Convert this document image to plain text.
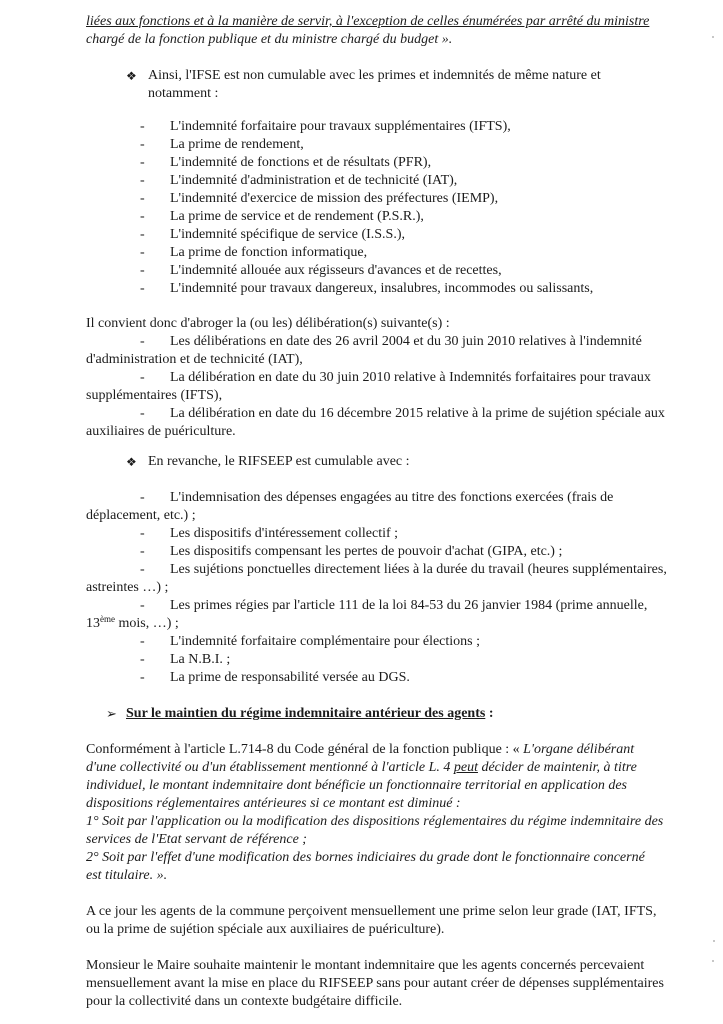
liées aux fonctions et à la manière de servir, à l'exception de celles énumérées par arrêté du ministre
chargé de la fonction publique et du ministre chargé du budget ».
❖ Ainsi, l'IFSE est non cumulable avec les primes et indemnités de même nature et
notamment :
- L'indemnité forfaitaire pour travaux supplémentaires (IFTS),
- La prime de rendement,
- L'indemnité de fonctions et de résultats (PFR),
- L'indemnité d'administration et de technicité (IAT),
- L'indemnité d'exercice de mission des préfectures (IEMP),
- La prime de service et de rendement (P.S.R.),
- L'indemnité spécifique de service (I.S.S.),
- La prime de fonction informatique,
- L'indemnité allouée aux régisseurs d'avances et de recettes,
- L'indemnité pour travaux dangereux, insalubres, incommodes ou salissants,
Il convient donc d'abroger la (ou les) délibération(s) suivante(s) :
- Les délibérations en date des 26 avril 2004 et du 30 juin 2010 relatives à l'indemnité
d'administration et de technicité (IAT),
- La délibération en date du 30 juin 2010 relative à Indemnités forfaitaires pour travaux
supplémentaires (IFTS),
- La délibération en date du 16 décembre 2015 relative à la prime de sujétion spéciale aux
auxiliaires de puériculture.
❖ En revanche, le RIFSEEP est cumulable avec :
- L'indemnisation des dépenses engagées au titre des fonctions exercées (frais de
déplacement, etc.) ;
- Les dispositifs d'intéressement collectif ;
- Les dispositifs compensant les pertes de pouvoir d'achat (GIPA, etc.) ;
- Les sujétions ponctuelles directement liées à la durée du travail (heures supplémentaires,
astreintes …) ;
- Les primes régies par l'article 111 de la loi 84-53 du 26 janvier 1984 (prime annuelle,
13ème mois, …) ;
- L'indemnité forfaitaire complémentaire pour élections ;
- La N.B.I. ;
- La prime de responsabilité versée au DGS.
➢ Sur le maintien du régime indemnitaire antérieur des agents :
Conformément à l'article L.714-8 du Code général de la fonction publique : « L'organe délibérant
d'une collectivité ou d'un établissement mentionné à l'article L. 4 peut décider de maintenir, à titre
individuel, le montant indemnitaire dont bénéficie un fonctionnaire territorial en application des
dispositions réglementaires antérieures si ce montant est diminué :
1° Soit par l'application ou la modification des dispositions réglementaires du régime indemnitaire des
services de l'Etat servant de référence ;
2° Soit par l'effet d'une modification des bornes indiciaires du grade dont le fonctionnaire concerné
est titulaire. ».
A ce jour les agents de la commune perçoivent mensuellement une prime selon leur grade (IAT, IFTS,
ou la prime de sujétion spéciale aux auxiliaires de puériculture).
Monsieur le Maire souhaite maintenir le montant indemnitaire que les agents concernés percevaient
mensuellement avant la mise en place du RIFSEEP sans pour autant créer de dépenses supplémentaires
pour la collectivité dans un contexte budgétaire difficile.
